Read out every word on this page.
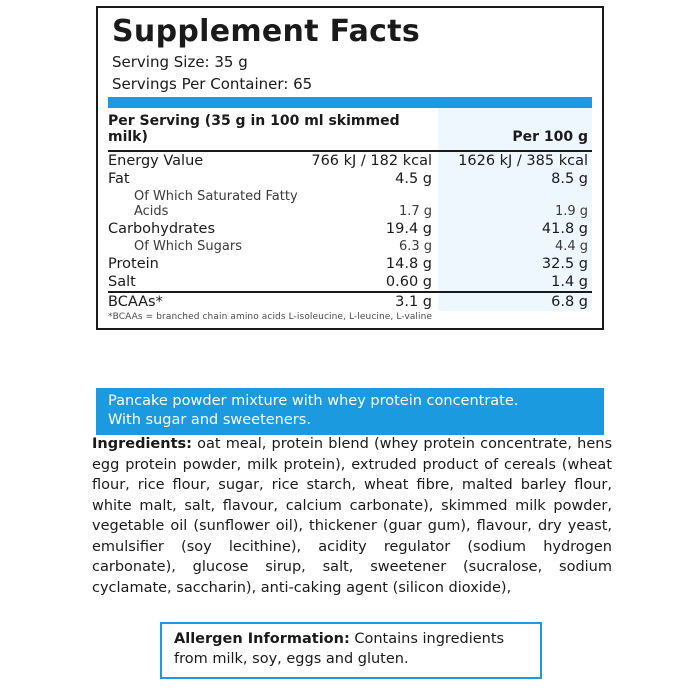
Supplement Facts
Serving Size: 35 g
Servings Per Container: 65
Per Serving (35 g in 100 ml skimmed milk)		Per 100 g
Energy Value	766 kJ / 182 kcal	1626 kJ / 385 kcal
Fat	4.5 g	8.5 g
Of Which Saturated Fatty Acids	1.7 g	1.9 g
Carbohydrates	19.4 g	41.8 g
Of Which Sugars	6.3 g	4.4 g
Protein	14.8 g	32.5 g
Salt	0.60 g	1.4 g
BCAAs*	3.1 g	6.8 g
*BCAAs = branched chain amino acids L-isoleucine, L-leucine, L-valine
Pancake powder mixture with whey protein concentrate.
With sugar and sweeteners.
Ingredients: oat meal, protein blend (whey protein concentrate, hens egg protein powder, milk protein), extruded product of cereals (wheat flour, rice flour, sugar, rice starch, wheat fibre, malted barley flour, white malt, salt, flavour, calcium carbonate), skimmed milk powder, vegetable oil (sunflower oil), thickener (guar gum), flavour, dry yeast, emulsifier (soy lecithine), acidity regulator (sodium hydrogen carbonate), glucose sirup, salt, sweetener (sucralose, sodium cyclamate, saccharin), anti-caking agent (silicon dioxide),
Allergen Information: Contains ingredients from milk, soy, eggs and gluten.
